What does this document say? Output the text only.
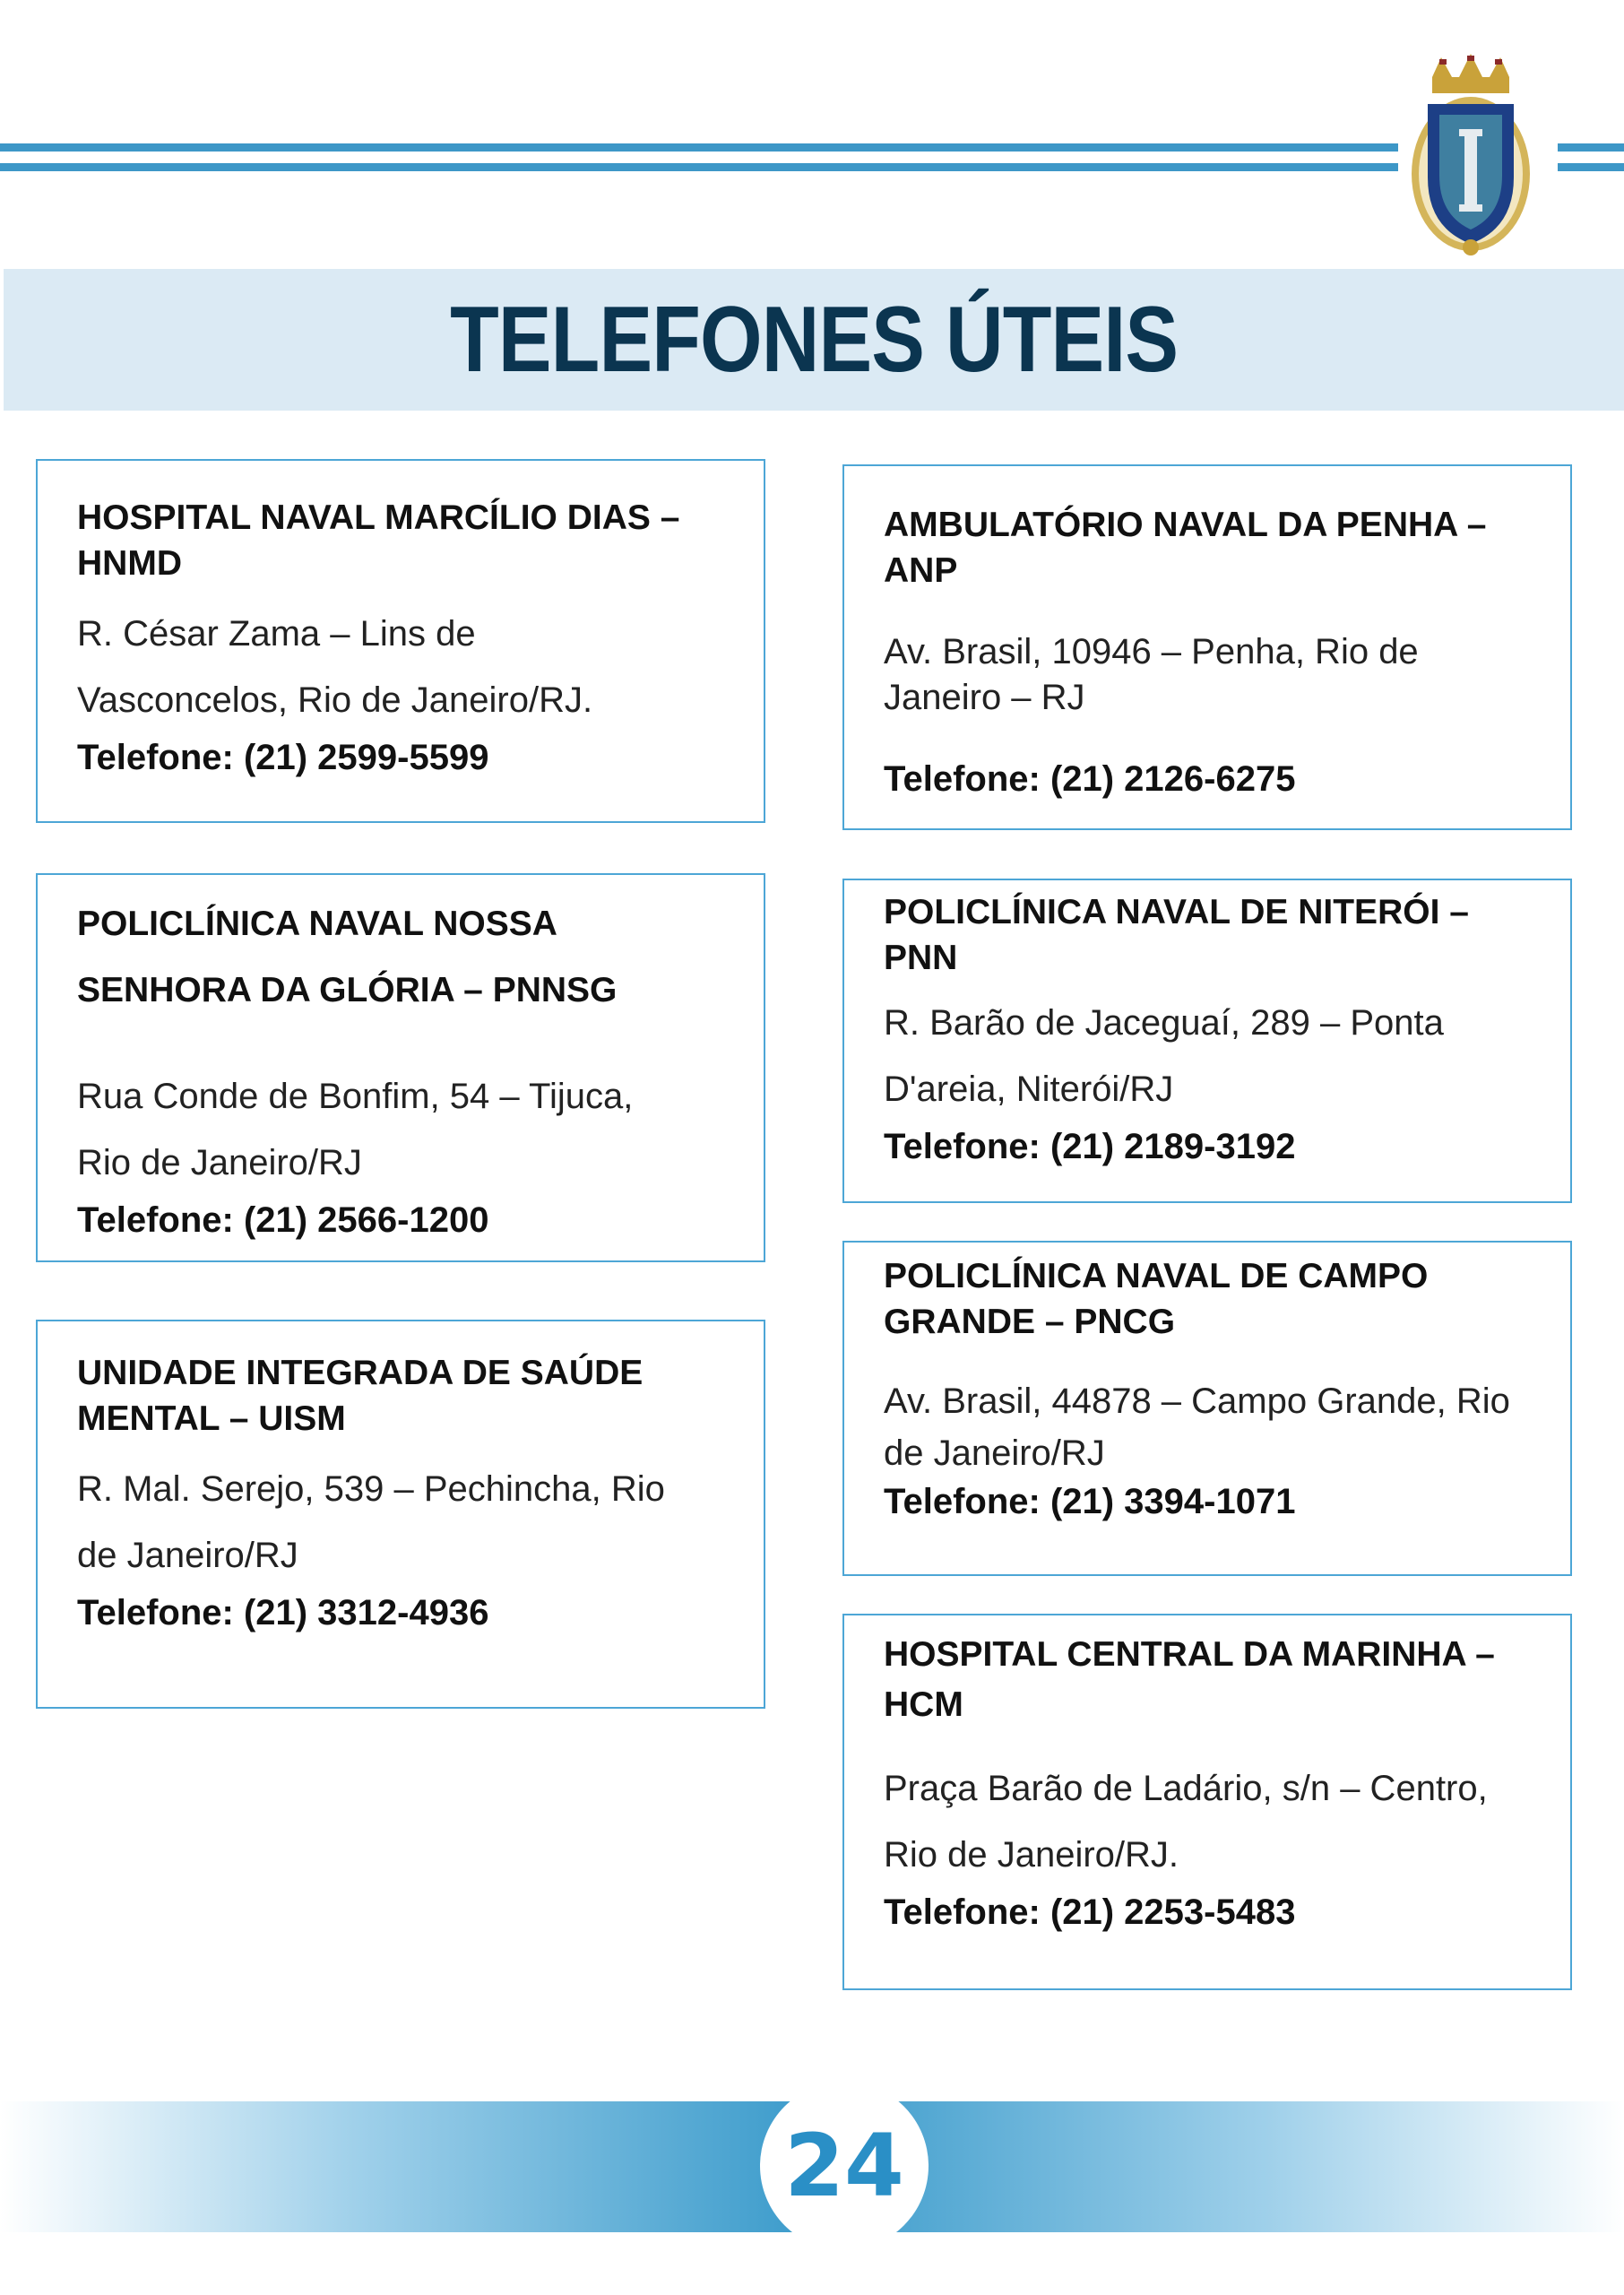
TELEFONES ÚTEIS

HOSPITAL NAVAL MARCÍLIO DIAS – HNMD

R. César Zama – Lins de Vasconcelos, Rio de Janeiro/RJ.

Telefone: (21) 2599-5599

AMBULATÓRIO NAVAL DA PENHA – ANP

Av. Brasil, 10946 – Penha, Rio de Janeiro – RJ

Telefone: (21) 2126-6275

POLICLÍNICA NAVAL NOSSA SENHORA DA GLÓRIA – PNNSG

Rua Conde de Bonfim, 54 – Tijuca, Rio de Janeiro/RJ

Telefone: (21) 2566-1200

POLICLÍNICA NAVAL DE NITERÓI – PNN

R. Barão de Jaceguaí, 289 – Ponta D'areia, Niterói/RJ

Telefone: (21) 2189-3192

UNIDADE INTEGRADA DE SAÚDE MENTAL – UISM

R. Mal. Serejo, 539 – Pechincha, Rio de Janeiro/RJ

Telefone: (21) 3312-4936

POLICLÍNICA NAVAL DE CAMPO GRANDE – PNCG

Av. Brasil, 44878 – Campo Grande, Rio de Janeiro/RJ

Telefone: (21) 3394-1071

HOSPITAL CENTRAL DA MARINHA – HCM

Praça Barão de Ladário, s/n – Centro, Rio de Janeiro/RJ.

Telefone: (21) 2253-5483

24
